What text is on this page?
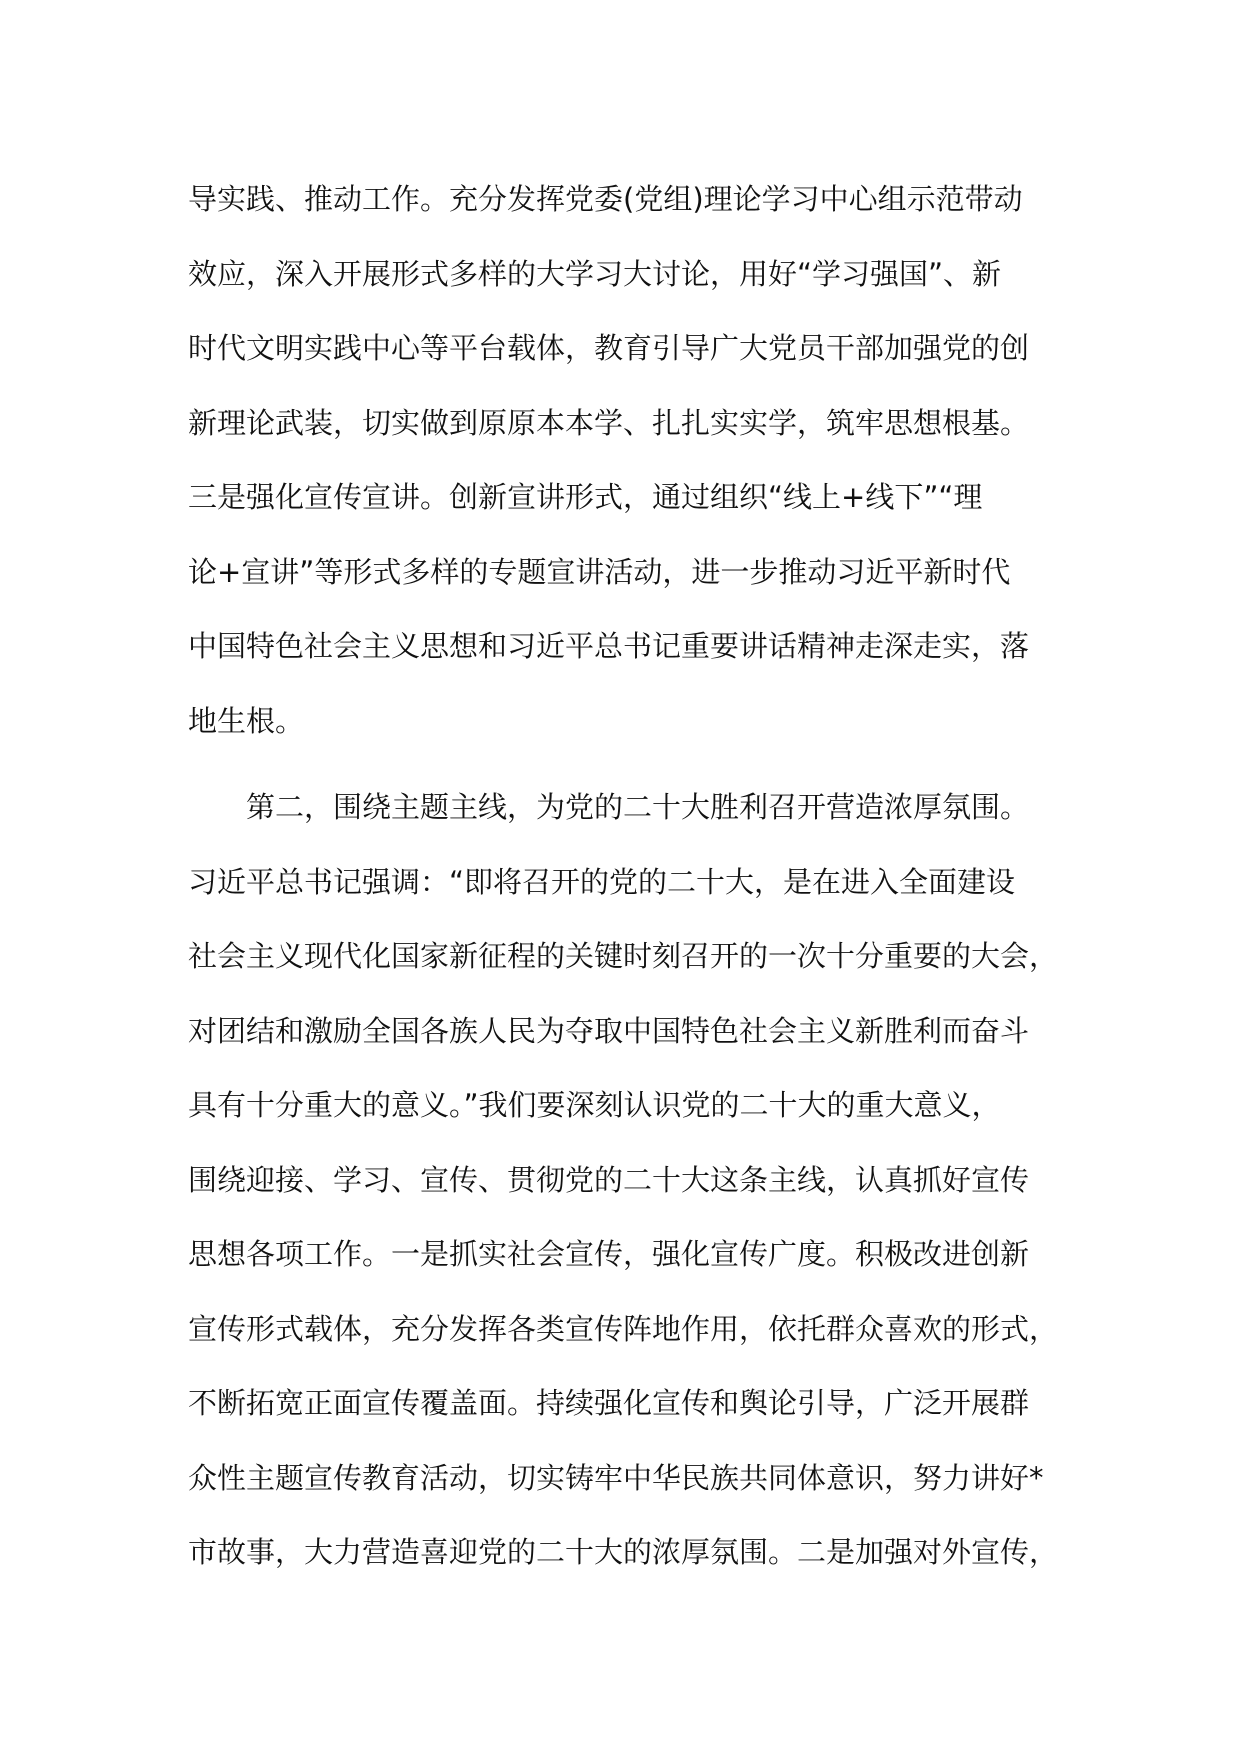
导实践、推动工作。充分发挥党委(党组)理论学习中心组示范带动
效应，深入开展形式多样的大学习大讨论，用好“学习强国”、新
时代文明实践中心等平台载体，教育引导广大党员干部加强党的创
新理论武装，切实做到原原本本学、扎扎实实学，筑牢思想根基。
三是强化宣传宣讲。创新宣讲形式，通过组织“线上+线下”“理
论+宣讲”等形式多样的专题宣讲活动，进一步推动习近平新时代
中国特色社会主义思想和习近平总书记重要讲话精神走深走实，落
地生根。
第二，围绕主题主线，为党的二十大胜利召开营造浓厚氛围。
习近平总书记强调：“即将召开的党的二十大，是在进入全面建设
社会主义现代化国家新征程的关键时刻召开的一次十分重要的大会，
对团结和激励全国各族人民为夺取中国特色社会主义新胜利而奋斗
具有十分重大的意义。”我们要深刻认识党的二十大的重大意义，
围绕迎接、学习、宣传、贯彻党的二十大这条主线，认真抓好宣传
思想各项工作。一是抓实社会宣传，强化宣传广度。积极改进创新
宣传形式载体，充分发挥各类宣传阵地作用，依托群众喜欢的形式，
不断拓宽正面宣传覆盖面。持续强化宣传和舆论引导，广泛开展群
众性主题宣传教育活动，切实铸牢中华民族共同体意识，努力讲好*
市故事，大力营造喜迎党的二十大的浓厚氛围。二是加强对外宣传，
